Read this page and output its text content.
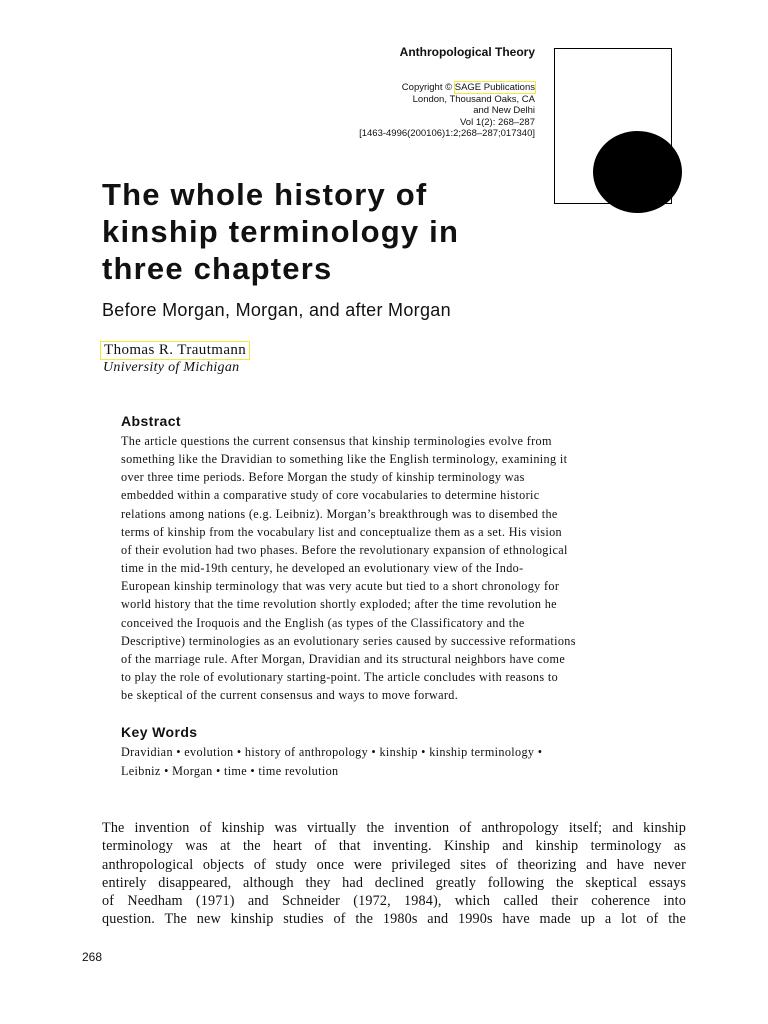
Anthropological Theory
Copyright © SAGE Publications
London, Thousand Oaks, CA
and New Delhi
Vol 1(2): 268–287
[1463-4996(200106)1:2;268–287;017340]
The whole history of
kinship terminology in
three chapters
Before Morgan, Morgan, and after Morgan
Thomas R. Trautmann
University of Michigan
Abstract
The article questions the current consensus that kinship terminologies evolve from
something like the Dravidian to something like the English terminology, examining it
over three time periods. Before Morgan the study of kinship terminology was
embedded within a comparative study of core vocabularies to determine historic
relations among nations (e.g. Leibniz). Morgan’s breakthrough was to disembed the
terms of kinship from the vocabulary list and conceptualize them as a set. His vision
of their evolution had two phases. Before the revolutionary expansion of ethnological
time in the mid-19th century, he developed an evolutionary view of the Indo-
European kinship terminology that was very acute but tied to a short chronology for
world history that the time revolution shortly exploded; after the time revolution he
conceived the Iroquois and the English (as types of the Classificatory and the
Descriptive) terminologies as an evolutionary series caused by successive reformations
of the marriage rule. After Morgan, Dravidian and its structural neighbors have come
to play the role of evolutionary starting-point. The article concludes with reasons to
be skeptical of the current consensus and ways to move forward.
Key Words
Dravidian • evolution • history of anthropology • kinship • kinship terminology •
Leibniz • Morgan • time • time revolution
The invention of kinship was virtually the invention of anthropology itself; and kinship
terminology was at the heart of that inventing. Kinship and kinship terminology as
anthropological objects of study once were privileged sites of theorizing and have never
entirely disappeared, although they had declined greatly following the skeptical essays
of Needham (1971) and Schneider (1972, 1984), which called their coherence into
question. The new kinship studies of the 1980s and 1990s have made up a lot of the
268
